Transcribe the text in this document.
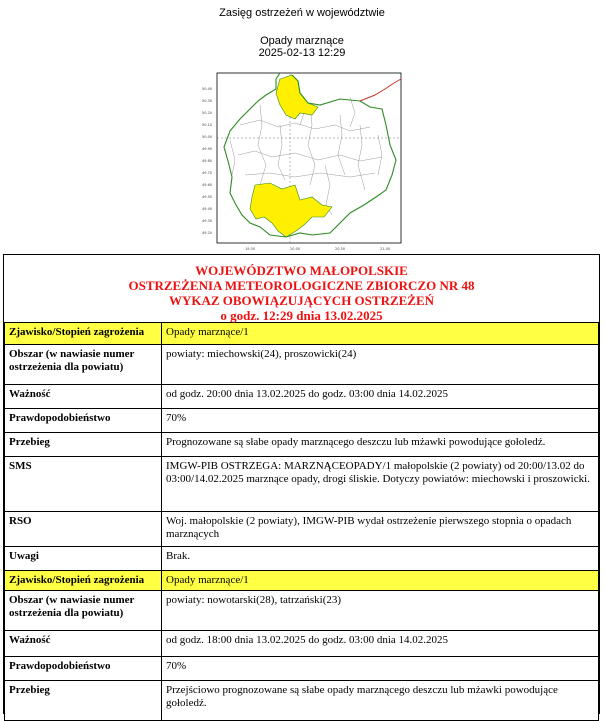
Zasięg ostrzeżeń w województwie
Opady marznące
2025-02-13 12:29
50.40
50.30
50.20
50.10
50.00
49.90
49.80
49.70
49.60
49.50
49.40
49.30
49.20
19.50	20.00	20.50	21.00
WOJEWÓDZTWO MAŁOPOLSKIE
OSTRZEŻENIA METEOROLOGICZNE ZBIORCZO NR 48
WYKAZ OBOWIĄZUJĄCYCH OSTRZEŻEŃ
o godz. 12:29 dnia 13.02.2025
Zjawisko/Stopień zagrożenia	Opady marznące/1
Obszar (w nawiasie numer ostrzeżenia dla powiatu)	powiaty: miechowski(24), proszowicki(24)
Ważność	od godz. 20:00 dnia 13.02.2025 do godz. 03:00 dnia 14.02.2025
Prawdopodobieństwo	70%
Przebieg	Prognozowane są słabe opady marznącego deszczu lub mżawki powodujące gołoledź.
SMS	IMGW-PIB OSTRZEGA: MARZNĄCEOPADY/1 małopolskie (2 powiaty) od 20:00/13.02 do 03:00/14.02.2025 marznące opady, drogi śliskie. Dotyczy powiatów: miechowski i proszowicki.
RSO	Woj. małopolskie (2 powiaty), IMGW-PIB wydał ostrzeżenie pierwszego stopnia o opadach marznących
Uwagi	Brak.
Zjawisko/Stopień zagrożenia	Opady marznące/1
Obszar (w nawiasie numer ostrzeżenia dla powiatu)	powiaty: nowotarski(28), tatrzański(23)
Ważność	od godz. 18:00 dnia 13.02.2025 do godz. 03:00 dnia 14.02.2025
Prawdopodobieństwo	70%
Przebieg	Przejściowo prognozowane są słabe opady marznącego deszczu lub mżawki powodujące gołoledź.
